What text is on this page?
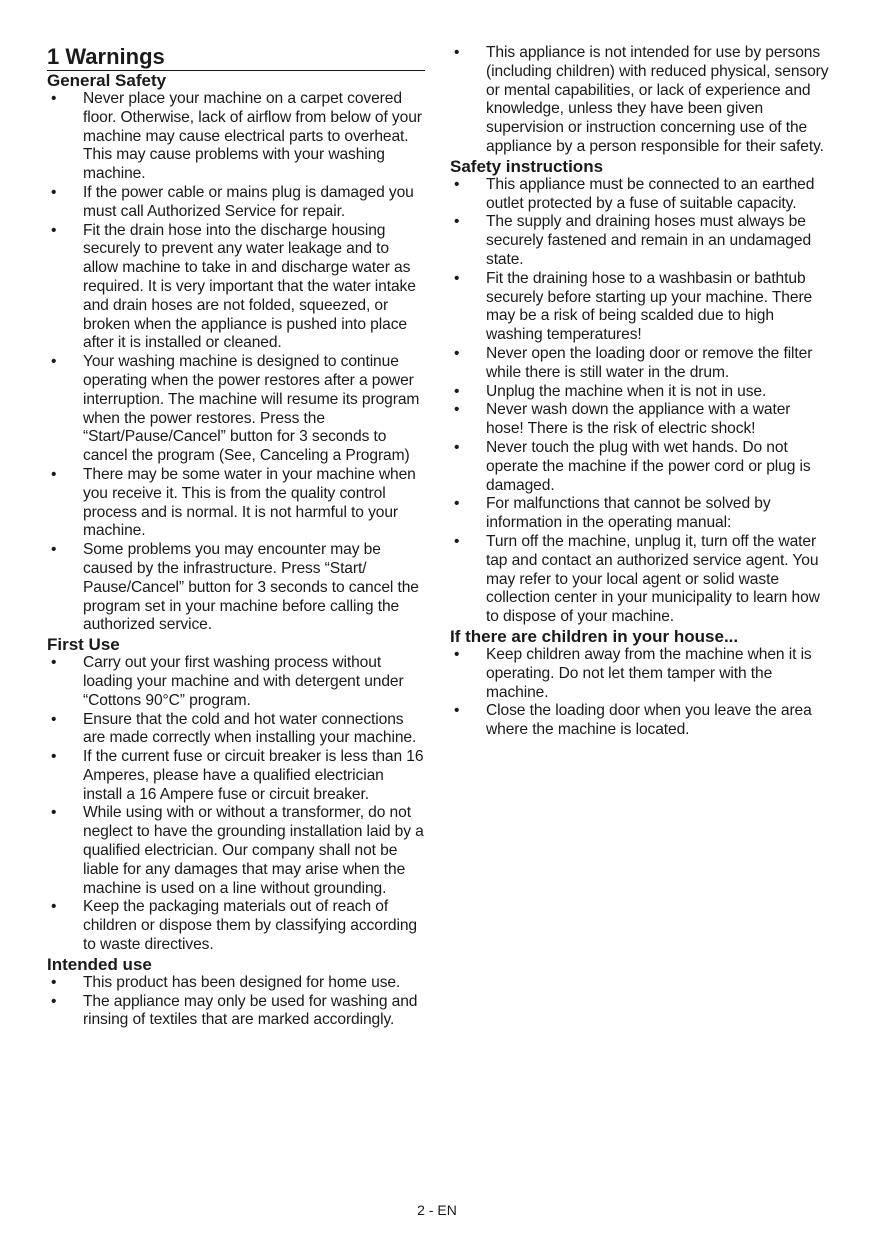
1 Warnings
General Safety
• Never place your machine on a carpet covered floor. Otherwise, lack of airflow from below of your machine may cause electrical parts to overheat. This may cause problems with your washing machine.
• If the power cable or mains plug is damaged you must call Authorized Service for repair.
• Fit the drain hose into the discharge housing securely to prevent any water leakage and to allow machine to take in and discharge water as required. It is very important that the water intake and drain hoses are not folded, squeezed, or broken when the appliance is pushed into place after it is installed or cleaned.
• Your washing machine is designed to continue operating when the power restores after a power interruption. The machine will resume its program when the power restores. Press the “Start/Pause/Cancel” button for 3 seconds to cancel the program (See, Canceling a Program)
• There may be some water in your machine when you receive it. This is from the quality control process and is normal. It is not harmful to your machine.
• Some problems you may encounter may be caused by the infrastructure. Press “Start/ Pause/Cancel” button for 3 seconds to cancel the program set in your machine before calling the authorized service.
First Use
• Carry out your first washing process without loading your machine and with detergent under “Cottons 90°C” program.
• Ensure that the cold and hot water connections are made correctly when installing your machine.
• If the current fuse or circuit breaker is less than 16 Amperes, please have a qualified electrician install a 16 Ampere fuse or circuit breaker.
• While using with or without a transformer, do not neglect to have the grounding installation laid by a qualified electrician. Our company shall not be liable for any damages that may arise when the machine is used on a line without grounding.
• Keep the packaging materials out of reach of children or dispose them by classifying according to waste directives.
Intended use
• This product has been designed for home use.
• The appliance may only be used for washing and rinsing of textiles that are marked accordingly.
• This appliance is not intended for use by persons (including children) with reduced physical, sensory or mental capabilities, or lack of experience and knowledge, unless they have been given supervision or instruction concerning use of the appliance by a person responsible for their safety.
Safety instructions
• This appliance must be connected to an earthed outlet protected by a fuse of suitable capacity.
• The supply and draining hoses must always be securely fastened and remain in an undamaged state.
• Fit the draining hose to a washbasin or bathtub securely before starting up your machine. There may be a risk of being scalded due to high washing temperatures!
• Never open the loading door or remove the filter while there is still water in the drum.
• Unplug the machine when it is not in use.
• Never wash down the appliance with a water hose! There is the risk of electric shock!
• Never touch the plug with wet hands. Do not operate the machine if the power cord or plug is damaged.
• For malfunctions that cannot be solved by information in the operating manual:
• Turn off the machine, unplug it, turn off the water tap and contact an authorized service agent. You may refer to your local agent or solid waste collection center in your municipality to learn how to dispose of your machine.
If there are children in your house...
• Keep children away from the machine when it is operating. Do not let them tamper with the machine.
• Close the loading door when you leave the area where the machine is located.
2 - EN
